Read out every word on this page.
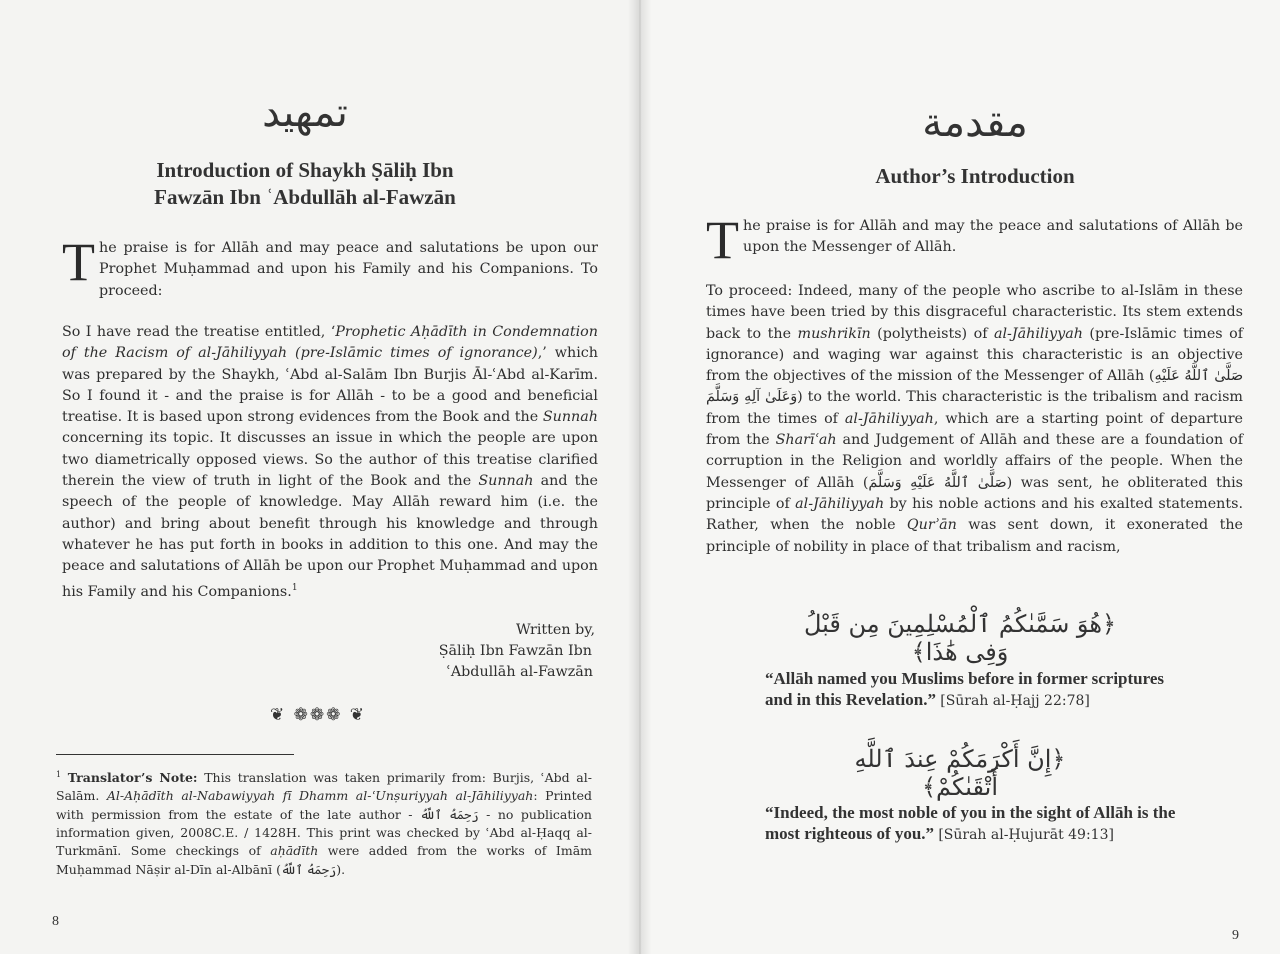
تمهيد
Introduction of Shaykh Ṣāliḥ Ibn
Fawzān Ibn ʿAbdullāh al-Fawzān

The praise is for Allāh and may peace and salutations be upon our Prophet Muḥammad and upon his Family and his Companions. To proceed:

So I have read the treatise entitled, ‘Prophetic Aḥādīth in Condemnation of the Racism of al-Jāhiliyyah (pre-Islāmic times of ignorance),’ which was prepared by the Shaykh, ʿAbd al-Salām Ibn Burjis Āl-ʿAbd al-Karīm. So I found it - and the praise is for Allāh - to be a good and beneficial treatise. It is based upon strong evidences from the Book and the Sunnah concerning its topic. It discusses an issue in which the people are upon two diametrically opposed views. So the author of this treatise clarified therein the view of truth in light of the Book and the Sunnah and the speech of the people of knowledge. May Allāh reward him (i.e. the author) and bring about benefit through his knowledge and through whatever he has put forth in books in addition to this one. And may the peace and salutations of Allāh be upon our Prophet Muḥammad and upon his Family and his Companions.$^1$

Written by,
Ṣāliḥ Ibn Fawzān Ibn
ʿAbdullāh al-Fawzān
❦ ❁❁❁ ❦

$^1$ Translator’s Note: This translation was taken primarily from: Burjis, ʿAbd al-Salām. Al-Aḥādīth al-Nabawiyyah fī Dhamm al-ʿUnṣuriyyah al-Jāhiliyyah: Printed with permission from the estate of the late author - رَحِمَهُ ٱللَّهُ - no publication information given, 2008C.E. / 1428H. This print was checked by ʿAbd al-Ḥaqq al-Turkmānī. Some checkings of aḥādīth were added from the works of Imām Muḥammad Nāṣir al-Dīn al-Albānī (رَحِمَهُ ٱللَّهُ).

8
مقدمة
Author’s Introduction

The praise is for Allāh and may the peace and salutations of Allāh be upon the Messenger of Allāh.

To proceed: Indeed, many of the people who ascribe to al-Islām in these times have been tried by this disgraceful characteristic. Its stem extends back to the mushrikīn (polytheists) of al-Jāhiliyyah (pre-Islāmic times of ignorance) and waging war against this characteristic is an objective from the objectives of the mission of the Messenger of Allāh (صَلَّىٰ ٱللَّهُ عَلَيْهِ وَعَلَىٰ آلِهِ وَسَلَّمَ) to the world. This characteristic is the tribalism and racism from the times of al-Jāhiliyyah, which are a starting point of departure from the Sharīʿah and Judgement of Allāh and these are a foundation of corruption in the Religion and worldly affairs of the people. When the Messenger of Allāh (صَلَّىٰ ٱللَّهُ عَلَيْهِ وَسَلَّمَ) was sent, he obliterated this principle of al-Jāhiliyyah by his noble actions and his exalted statements. Rather, when the noble Qurʾān was sent down, it exonerated the principle of nobility in place of that tribalism and racism,

﴿هُوَ سَمَّىٰكُمُ ٱلْمُسْلِمِينَ مِن قَبْلُ وَفِى هَٰذَا﴾

“Allāh named you Muslims before in former scriptures and in this Revelation.” [Sūrah al-Ḥajj 22:78]

﴿إِنَّ أَكْرَمَكُمْ عِندَ ٱللَّهِ أَتْقَىٰكُمْ﴾

“Indeed, the most noble of you in the sight of Allāh is the most righteous of you.” [Sūrah al-Ḥujurāt 49:13]

9
